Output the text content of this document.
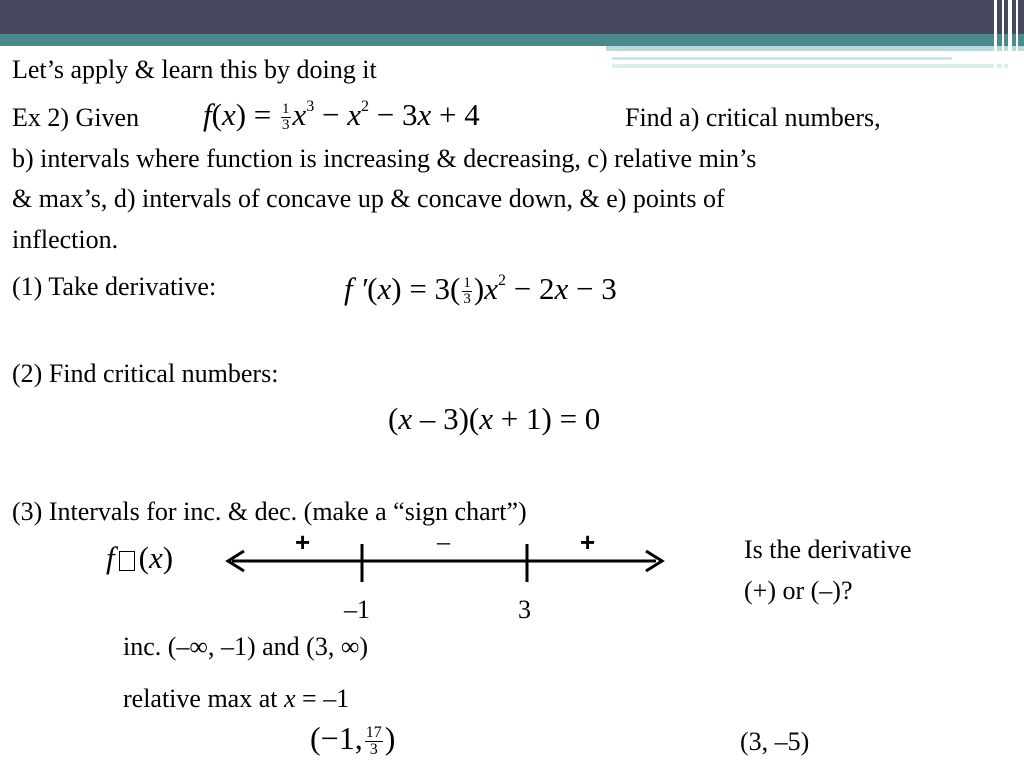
Let’s apply & learn this by doing it
Ex 2) Given $f(x) = \frac{1}{3} x^3 - x^2 - 3x + 4$	Find a) critical numbers,
b) intervals where function is increasing & decreasing, c) relative min’s
& max’s, d) intervals of concave up & concave down, & e) points of
inflection.
(1) Take derivative:	f $'(x) = 3( \frac{1}{3} )x^2 - 2x - 3$
(2) Find critical numbers:
(x – 3)(x + 1) = 0
(3) Intervals for inc. & dec. (make a “sign chart”)
f (x)	+	–	+
–1	3
Is the derivative
(+) or (–)?
inc. (–∞, –1) and (3, ∞)
relative max at x = –1
(−1, $\frac{17}{3}$ )	(3, –5)
